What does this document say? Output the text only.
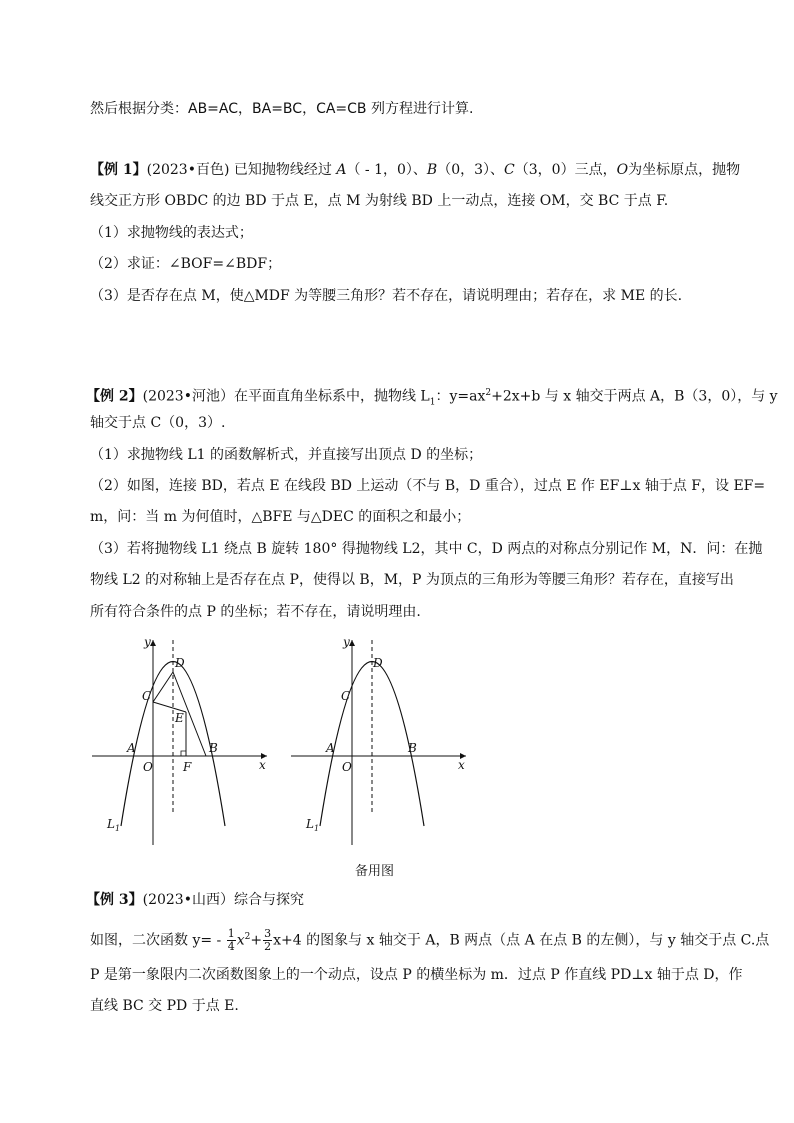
然后根据分类：AB=AC，BA=BC，CA=CB 列方程进行计算.
【例 1】(2023•百色) 已知抛物线经过 A（ - 1，0）、B（0，3）、C（3，0）三点，O为坐标原点，抛物
线交正方形 OBDC 的边 BD 于点 E，点 M 为射线 BD 上一动点，连接 OM，交 BC 于点 F.
（1）求抛物线的表达式；
（2）求证：∠BOF=∠BDF；
（3）是否存在点 M，使△MDF 为等腰三角形？若不存在，请说明理由；若存在，求 ME 的长.
【例 2】(2023•河池）在平面直角坐标系中，抛物线 $L_1$：$y=ax^2+2x+b$ 与 x 轴交于两点 A，B（3，0），与 y
轴交于点 C（0，3）.
（1）求抛物线 L1 的函数解析式，并直接写出顶点 D 的坐标；
（2）如图，连接 BD，若点 E 在线段 BD 上运动（不与 B，D 重合），过点 E 作 EF⊥x 轴于点 F，设 EF=
m，问：当 m 为何值时，△BFE 与△DEC 的面积之和最小；
（3）若将抛物线 L1 绕点 B 旋转 180° 得抛物线 L2，其中 C，D 两点的对称点分别记作 M，N．问：在抛
物线 L2 的对称轴上是否存在点 P，使得以 B，M，P 为顶点的三角形为等腰三角形？若存在，直接写出
所有符合条件的点 P 的坐标；若不存在，请说明理由.
y
x
D
C
E
A
O	F
B
$L_1$
y
x
D
C
A
O
B
$L_1$
备用图
【例 3】(2023•山西）综合与探究
如图，二次函数 $y= - \frac{1}{4} x^2+ \frac{3}{2} x+4$ 的图象与 x 轴交于 A，B 两点（点 A 在点 B 的左侧），与 y 轴交于点 C.点
P 是第一象限内二次函数图象上的一个动点，设点 P 的横坐标为 m．过点 P 作直线 PD⊥x 轴于点 D，作
直线 BC 交 PD 于点 E.
